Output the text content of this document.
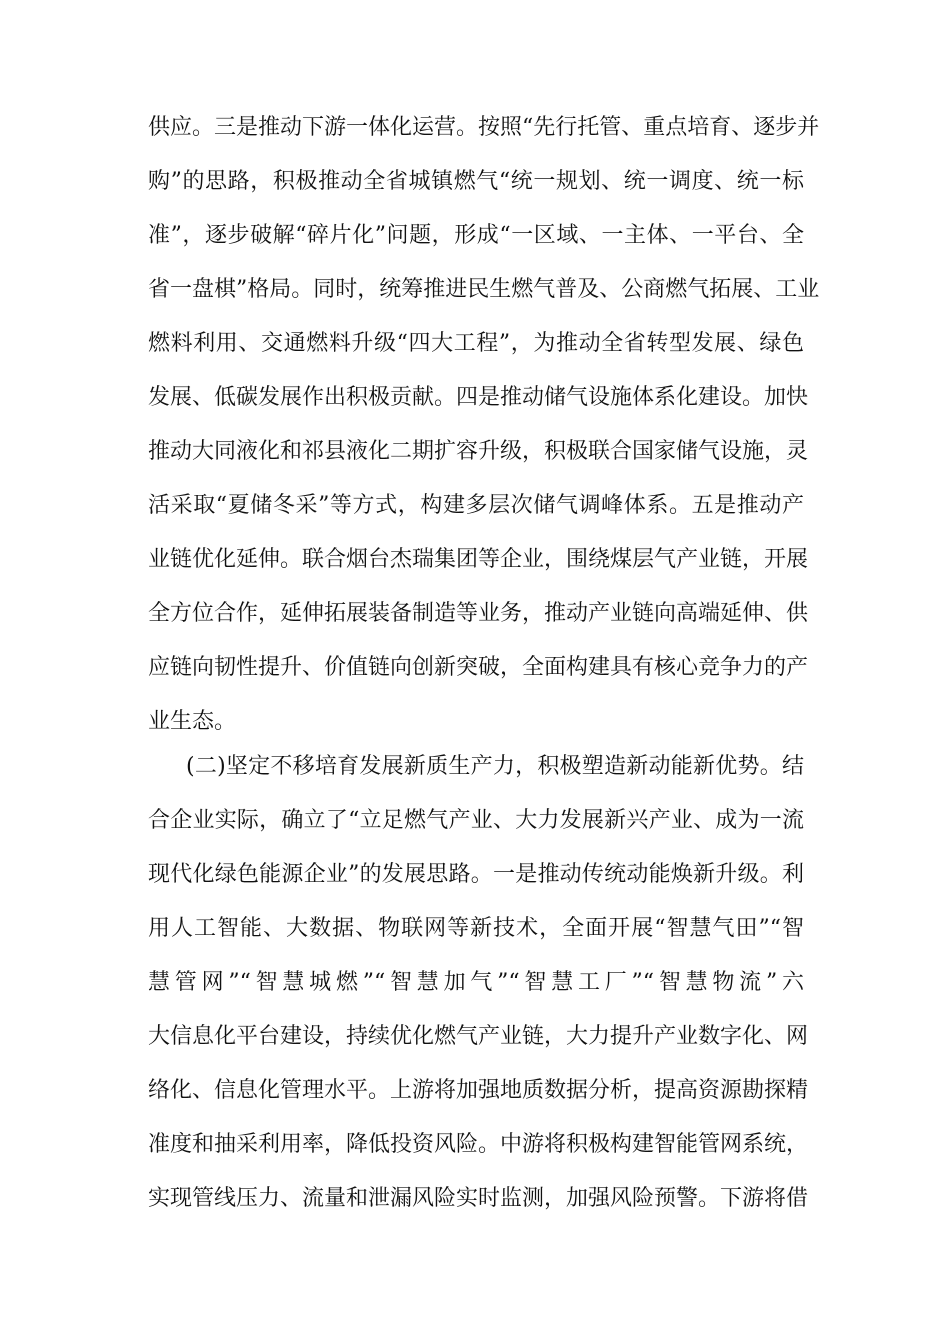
供应。三是推动下游一体化运营。按照“先行托管、重点培育、逐步并
购”的思路，积极推动全省城镇燃气“统一规划、统一调度、统一标
准”，逐步破解“碎片化”问题，形成“一区域、一主体、一平台、全
省一盘棋”格局。同时，统筹推进民生燃气普及、公商燃气拓展、工业
燃料利用、交通燃料升级“四大工程”，为推动全省转型发展、绿色
发展、低碳发展作出积极贡献。四是推动储气设施体系化建设。加快
推动大同液化和祁县液化二期扩容升级，积极联合国家储气设施，灵
活采取“夏储冬采”等方式，构建多层次储气调峰体系。五是推动产
业链优化延伸。联合烟台杰瑞集团等企业，围绕煤层气产业链，开展
全方位合作，延伸拓展装备制造等业务，推动产业链向高端延伸、供
应链向韧性提升、价值链向创新突破，全面构建具有核心竞争力的产
业生态。
(二)坚定不移培育发展新质生产力，积极塑造新动能新优势。结
合企业实际，确立了“立足燃气产业、大力发展新兴产业、成为一流
现代化绿色能源企业”的发展思路。一是推动传统动能焕新升级。利
用人工智能、大数据、物联网等新技术，全面开展“智慧气田”“智
慧管网”“智慧城燃”“智慧加气”“智慧工厂”“智慧物流”六
大信息化平台建设，持续优化燃气产业链，大力提升产业数字化、网
络化、信息化管理水平。上游将加强地质数据分析，提高资源勘探精
准度和抽采利用率，降低投资风险。中游将积极构建智能管网系统，
实现管线压力、流量和泄漏风险实时监测，加强风险预警。下游将借
